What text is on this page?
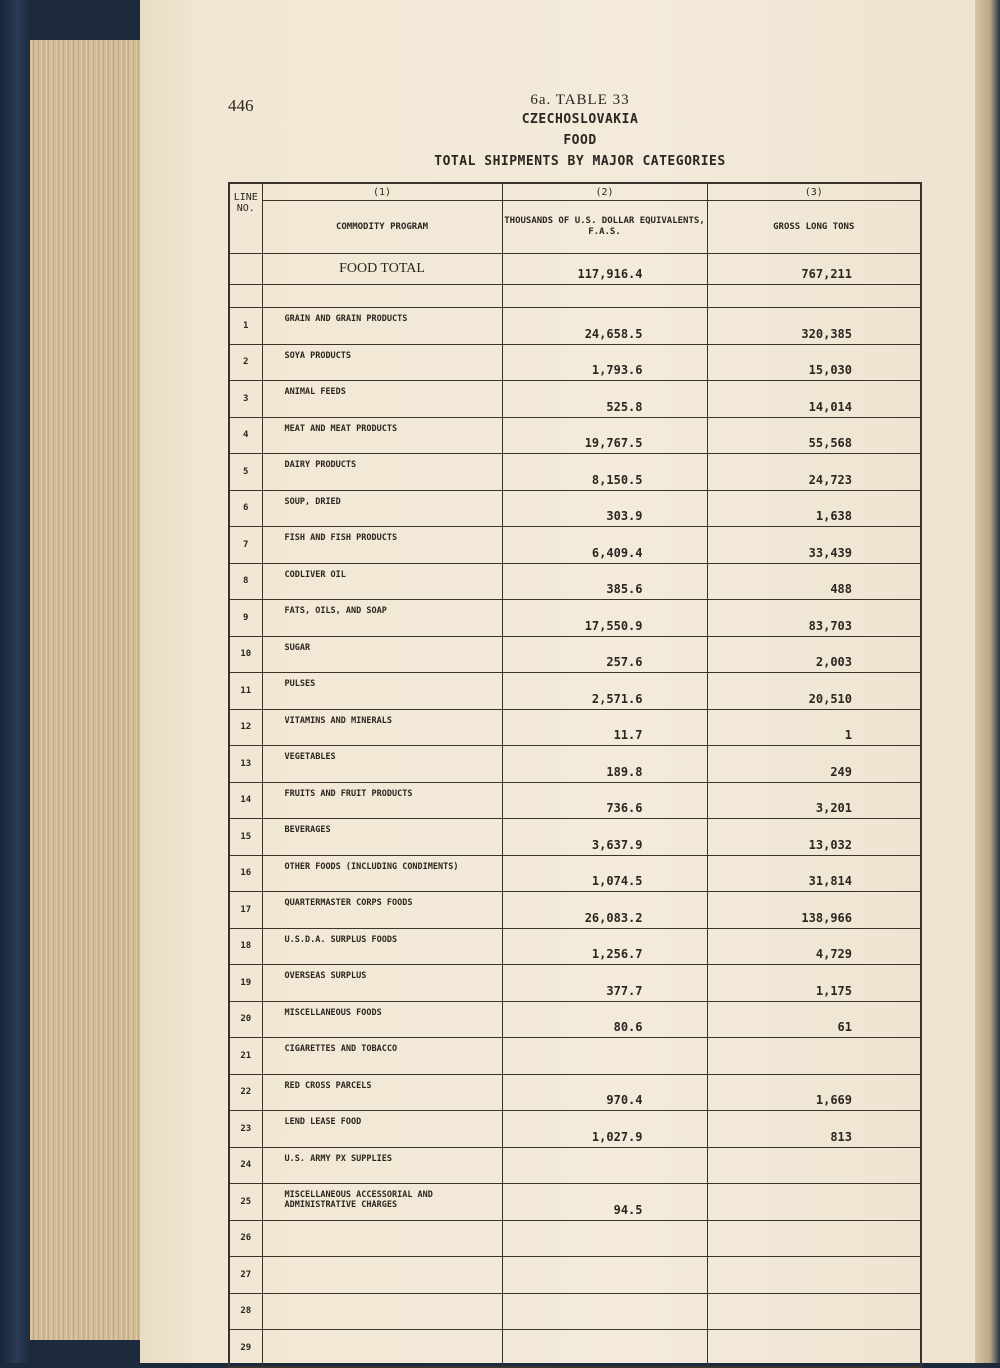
446	6a. TABLE 33
CZECHOSLOVAKIA
FOOD
TOTAL SHIPMENTS BY MAJOR CATEGORIES
LINE NO.	(1)	(2)	(3)
	COMMODITY PROGRAM	THOUSANDS OF U.S. DOLLAR EQUIVALENTS, F.A.S.	GROSS LONG TONS
	FOOD TOTAL	117,916.4	767,211

1	GRAIN AND GRAIN PRODUCTS	24,658.5	320,385
2	SOYA PRODUCTS	1,793.6	15,030
3	ANIMAL FEEDS	525.8	14,014
4	MEAT AND MEAT PRODUCTS	19,767.5	55,568
5	DAIRY PRODUCTS	8,150.5	24,723
6	SOUP, DRIED	303.9	1,638
7	FISH AND FISH PRODUCTS	6,409.4	33,439
8	CODLIVER OIL	385.6	488
9	FATS, OILS, AND SOAP	17,550.9	83,703
10	SUGAR	257.6	2,003
11	PULSES	2,571.6	20,510
12	VITAMINS AND MINERALS	11.7	1
13	VEGETABLES	189.8	249
14	FRUITS AND FRUIT PRODUCTS	736.6	3,201
15	BEVERAGES	3,637.9	13,032
16	OTHER FOODS (INCLUDING CONDIMENTS)	1,074.5	31,814
17	QUARTERMASTER CORPS FOODS	26,083.2	138,966
18	U.S.D.A. SURPLUS FOODS	1,256.7	4,729
19	OVERSEAS SURPLUS	377.7	1,175
20	MISCELLANEOUS FOODS	80.6	61
21	CIGARETTES AND TOBACCO		
22	RED CROSS PARCELS	970.4	1,669
23	LEND LEASE FOOD	1,027.9	813
24	U.S. ARMY PX SUPPLIES		
25	MISCELLANEOUS ACCESSORIAL AND ADMINISTRATIVE CHARGES	94.5	
26			
27			
28			
29			
